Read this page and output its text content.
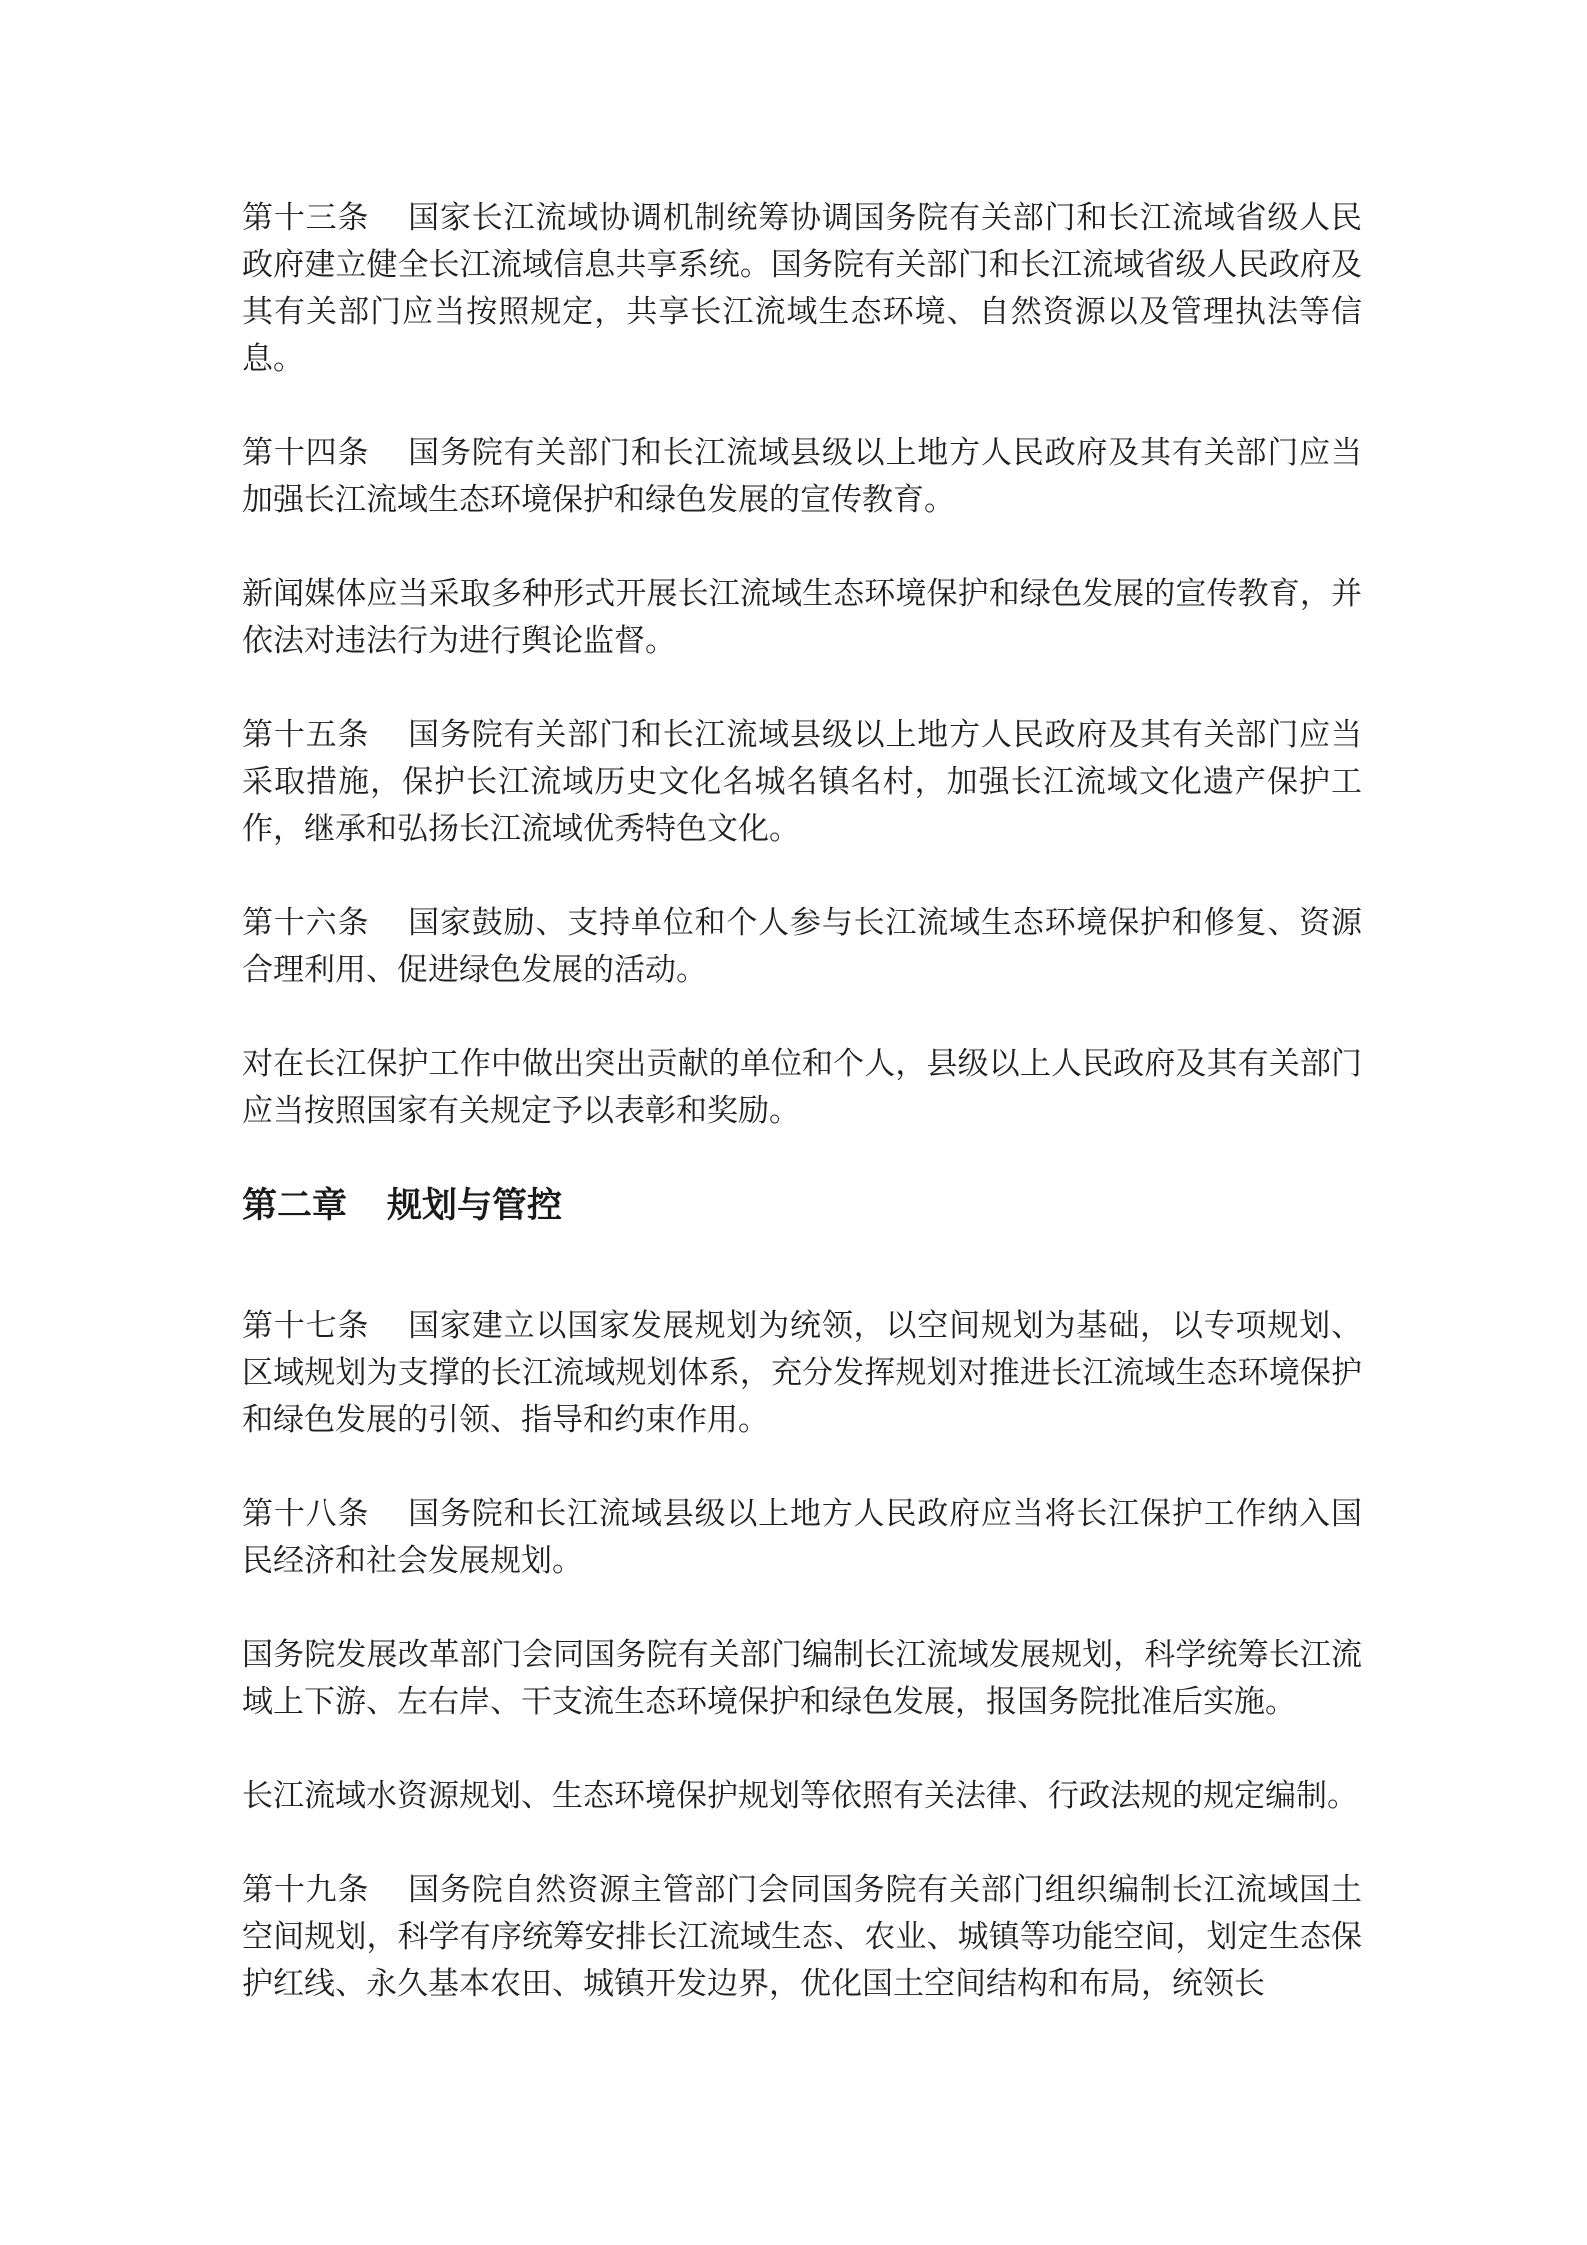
第十三条 国家长江流域协调机制统筹协调国务院有关部门和长江流域省级人民政府建立健全长江流域信息共享系统。国务院有关部门和长江流域省级人民政府及其有关部门应当按照规定，共享长江流域生态环境、自然资源以及管理执法等信息。

第十四条 国务院有关部门和长江流域县级以上地方人民政府及其有关部门应当加强长江流域生态环境保护和绿色发展的宣传教育。

新闻媒体应当采取多种形式开展长江流域生态环境保护和绿色发展的宣传教育，并依法对违法行为进行舆论监督。

第十五条 国务院有关部门和长江流域县级以上地方人民政府及其有关部门应当采取措施，保护长江流域历史文化名城名镇名村，加强长江流域文化遗产保护工作，继承和弘扬长江流域优秀特色文化。

第十六条 国家鼓励、支持单位和个人参与长江流域生态环境保护和修复、资源合理利用、促进绿色发展的活动。

对在长江保护工作中做出突出贡献的单位和个人，县级以上人民政府及其有关部门应当按照国家有关规定予以表彰和奖励。

第二章 规划与管控

第十七条 国家建立以国家发展规划为统领，以空间规划为基础，以专项规划、区域规划为支撑的长江流域规划体系，充分发挥规划对推进长江流域生态环境保护和绿色发展的引领、指导和约束作用。

第十八条 国务院和长江流域县级以上地方人民政府应当将长江保护工作纳入国民经济和社会发展规划。

国务院发展改革部门会同国务院有关部门编制长江流域发展规划，科学统筹长江流域上下游、左右岸、干支流生态环境保护和绿色发展，报国务院批准后实施。

长江流域水资源规划、生态环境保护规划等依照有关法律、行政法规的规定编制。

第十九条 国务院自然资源主管部门会同国务院有关部门组织编制长江流域国土空间规划，科学有序统筹安排长江流域生态、农业、城镇等功能空间，划定生态保护红线、永久基本农田、城镇开发边界，优化国土空间结构和布局，统领长
